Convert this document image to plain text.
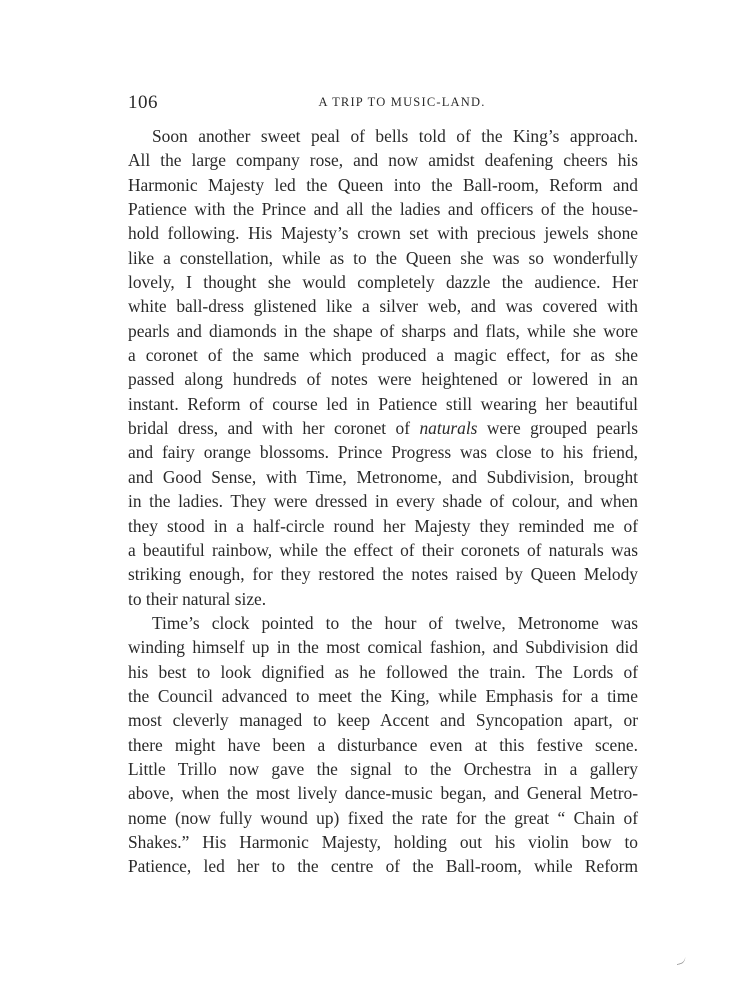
106	A TRIP TO MUSIC-LAND.
Soon another sweet peal of bells told of the King’s approach.
All the large company rose, and now amidst deafening cheers his
Harmonic Majesty led the Queen into the Ball-room, Reform and
Patience with the Prince and all the ladies and officers of the house-
hold following. His Majesty’s crown set with precious jewels shone
like a constellation, while as to the Queen she was so wonderfully
lovely, I thought she would completely dazzle the audience. Her
white ball-dress glistened like a silver web, and was covered with
pearls and diamonds in the shape of sharps and flats, while she wore
a coronet of the same which produced a magic effect, for as she
passed along hundreds of notes were heightened or lowered in an
instant. Reform of course led in Patience still wearing her beautiful
bridal dress, and with her coronet of naturals were grouped pearls
and fairy orange blossoms. Prince Progress was close to his friend,
and Good Sense, with Time, Metronome, and Subdivision, brought
in the ladies. They were dressed in every shade of colour, and when
they stood in a half-circle round her Majesty they reminded me of
a beautiful rainbow, while the effect of their coronets of naturals was
striking enough, for they restored the notes raised by Queen Melody
to their natural size.
Time’s clock pointed to the hour of twelve, Metronome was
winding himself up in the most comical fashion, and Subdivision did
his best to look dignified as he followed the train. The Lords of
the Council advanced to meet the King, while Emphasis for a time
most cleverly managed to keep Accent and Syncopation apart, or
there might have been a disturbance even at this festive scene.
Little Trillo now gave the signal to the Orchestra in a gallery
above, when the most lively dance-music began, and General Metro-
nome (now fully wound up) fixed the rate for the great “ Chain of
Shakes.” His Harmonic Majesty, holding out his violin bow to
Patience, led her to the centre of the Ball-room, while Reform
